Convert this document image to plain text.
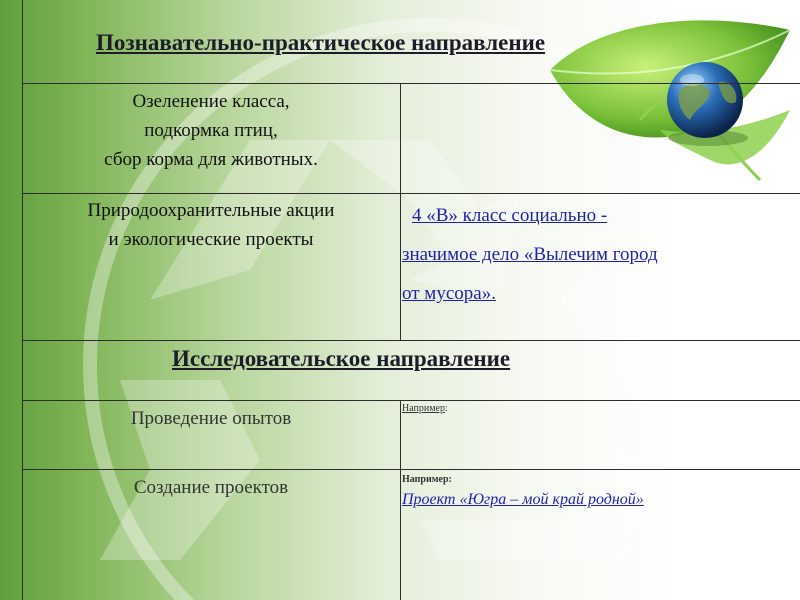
Познавательно-практическое направление
Озеленение класса,
подкормка птиц,
сбор корма для животных.
Природоохранительные акции
и экологические проекты
4 «В» класс социально -
значимое дело «Вылечим город
от мусора».
Исследовательское направление
Проведение опытов	Например:
Создание проектов	Например:
Проект «Югра – мой край родной»
